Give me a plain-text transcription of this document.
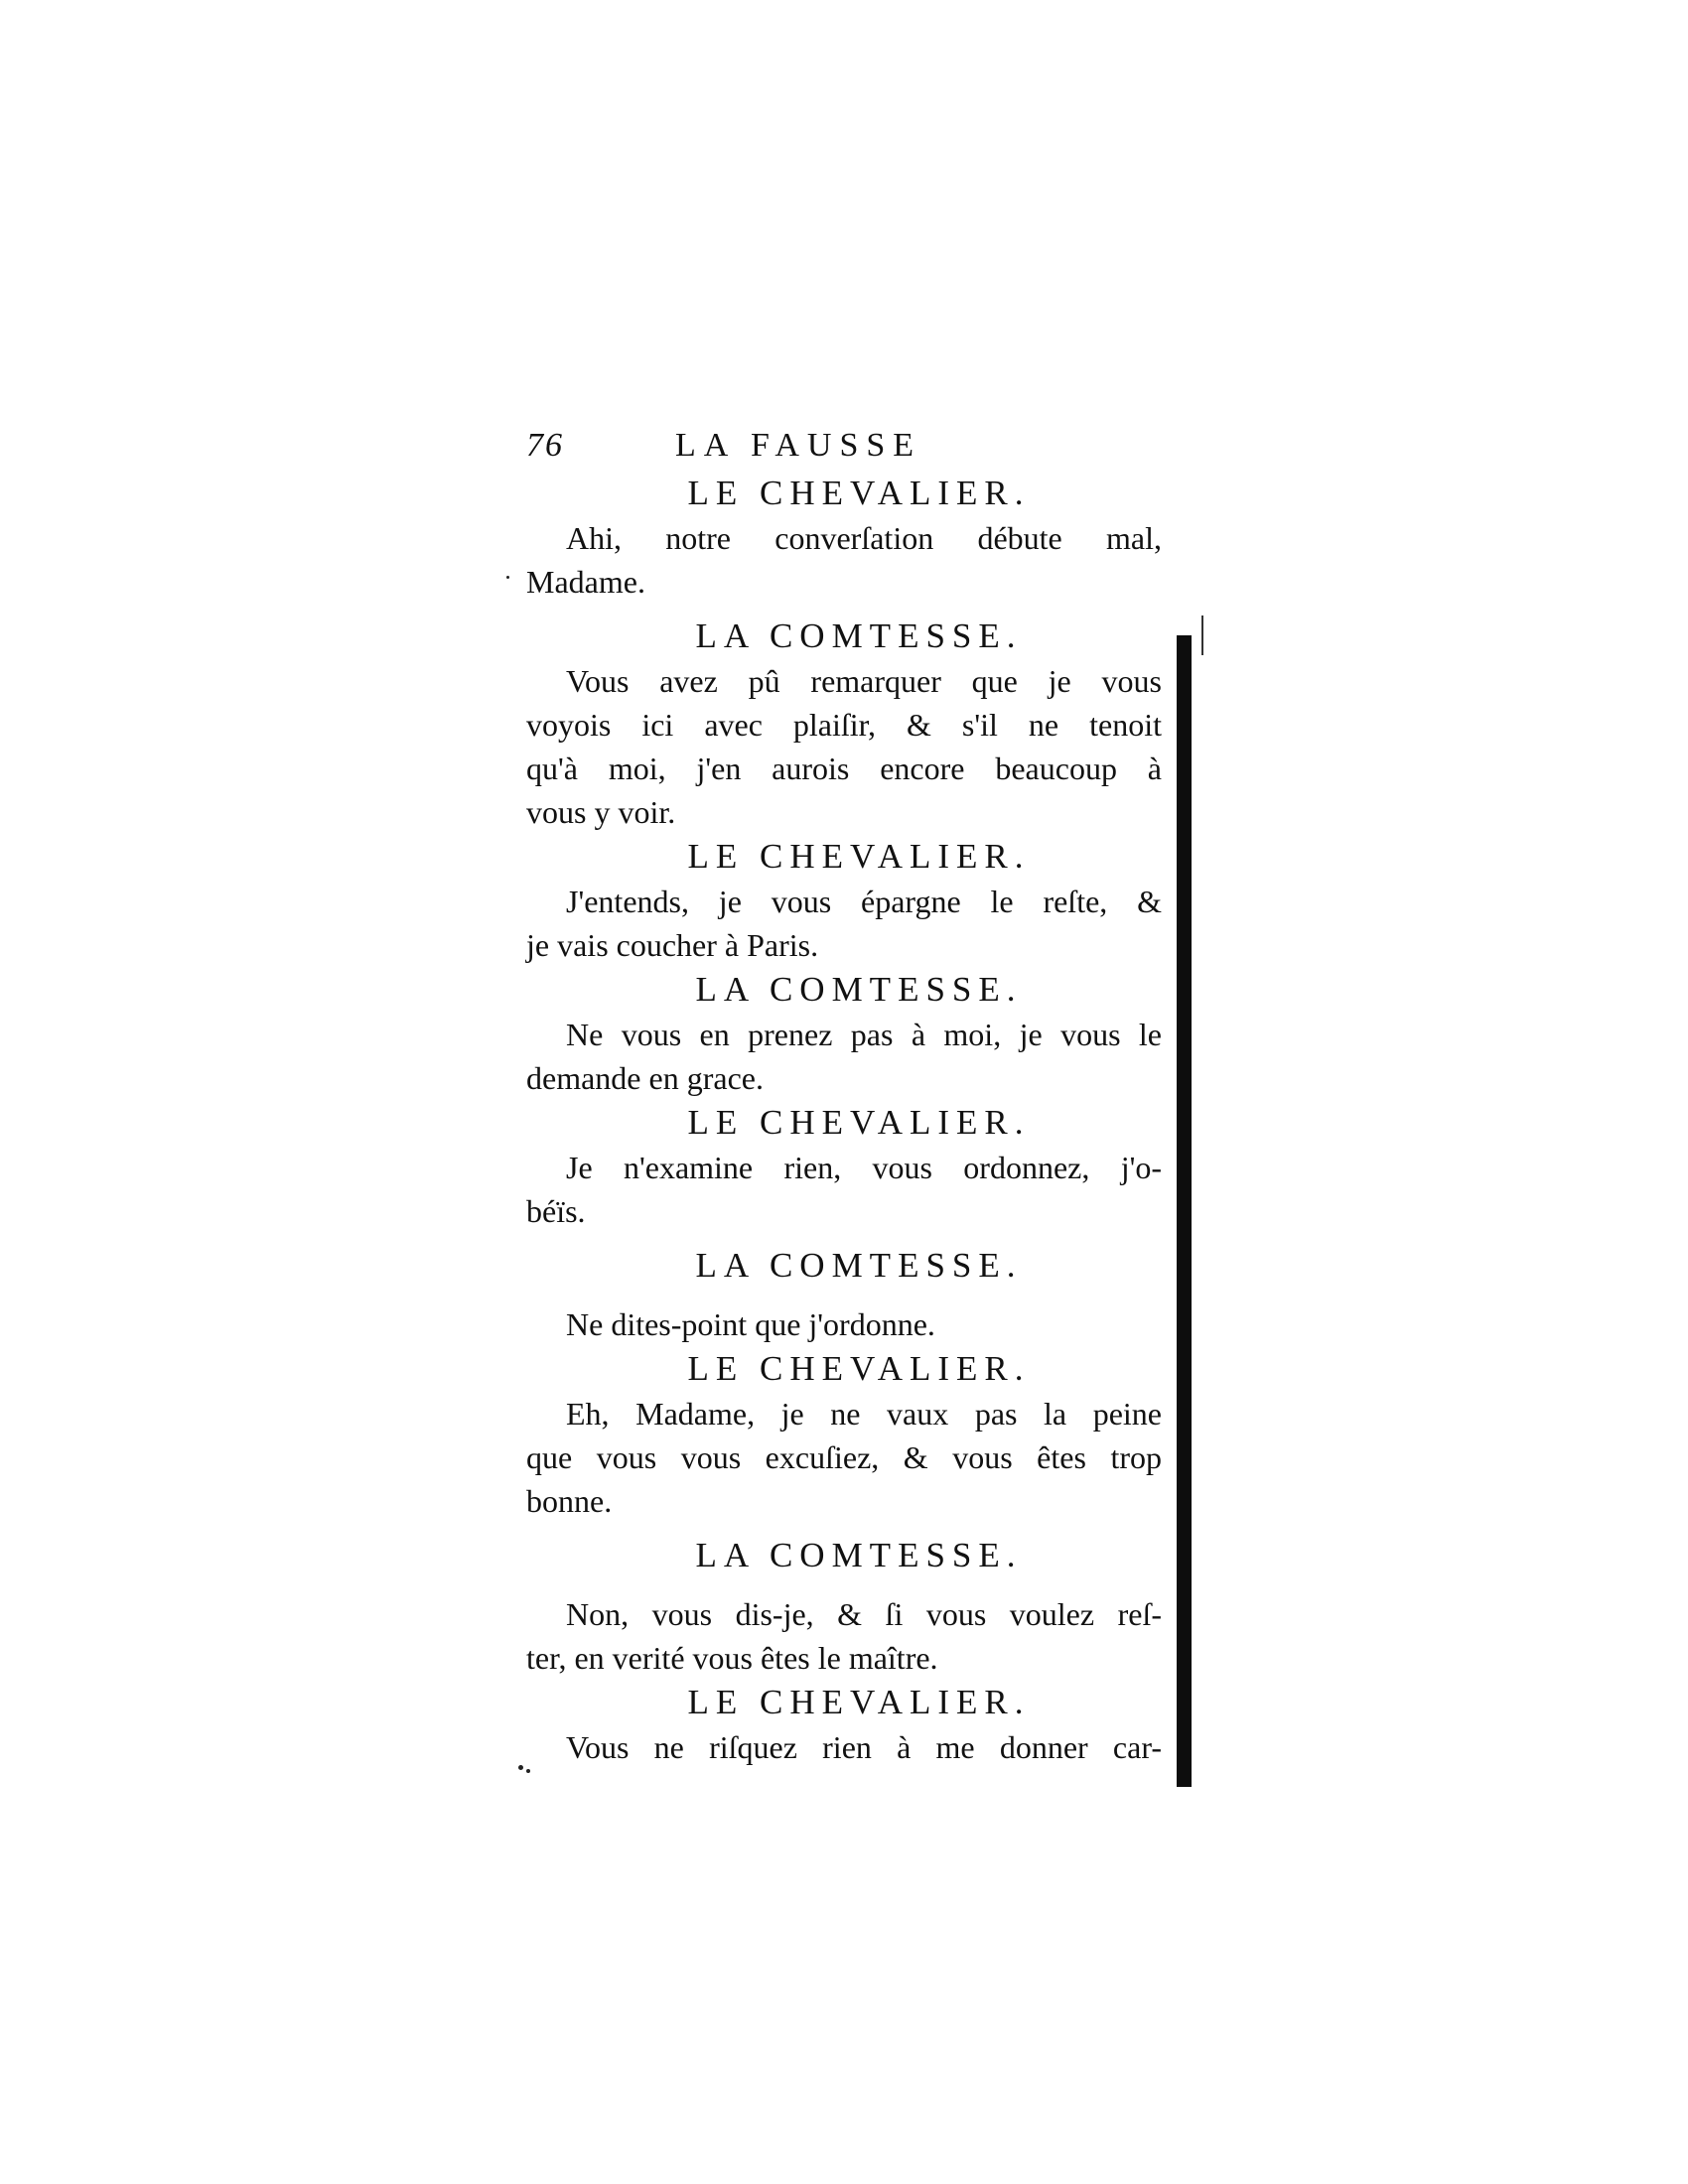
76	LA FAUSSE

LE CHEVALIER.

Ahi, notre converſation débute mal,
Madame.

LA COMTESSE.

Vous avez pû remarquer que je vous
voyois ici avec plaiſir, & s'il ne tenoit
qu'à moi, j'en aurois encore beaucoup à
vous y voir.

LE CHEVALIER.

J'entends, je vous épargne le reſte, &
je vais coucher à Paris.

LA COMTESSE.

Ne vous en prenez pas à moi, je vous le
demande en grace.

LE CHEVALIER.

Je n'examine rien, vous ordonnez, j'o-
béïs.

LA COMTESSE.

Ne dites-point que j'ordonne.

LE CHEVALIER.

Eh, Madame, je ne vaux pas la peine
que vous vous excuſiez, & vous êtes trop
bonne.

LA COMTESSE.

Non, vous dis-je, & ſi vous voulez reſ-
ter, en verité vous êtes le maître.

LE CHEVALIER.

Vous ne riſquez rien à me donner car-
